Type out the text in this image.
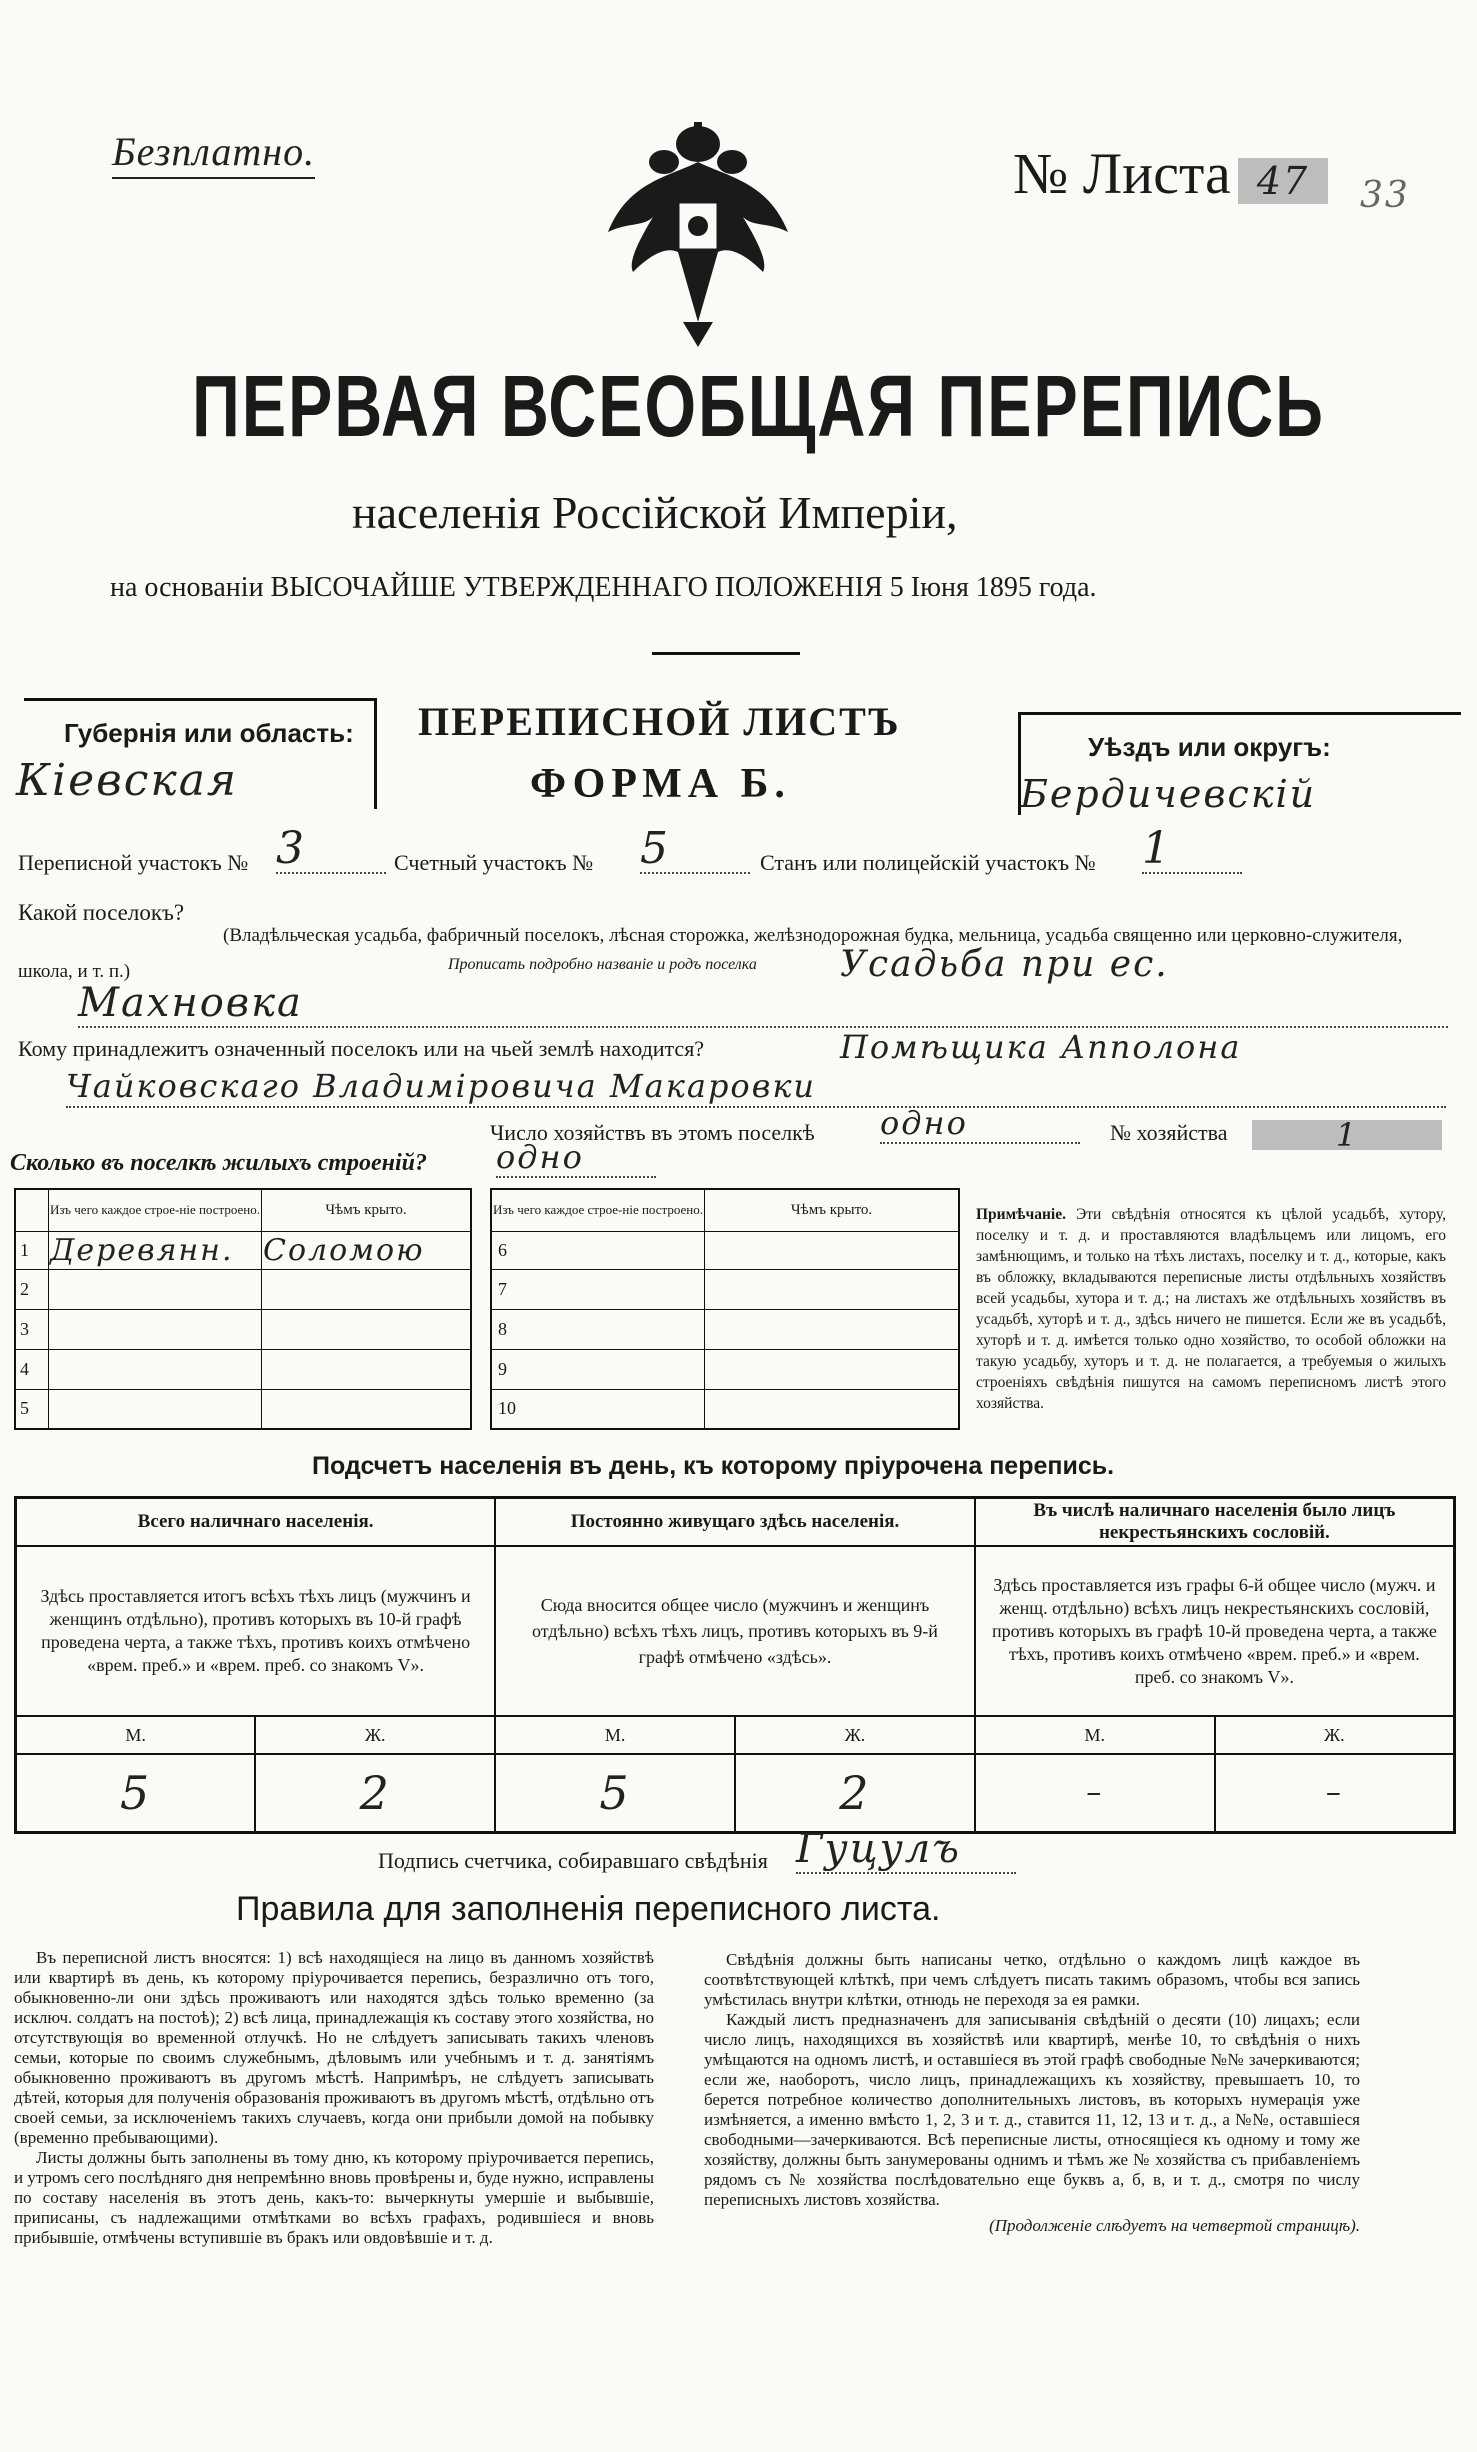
Безплатно.	№ Листа 47	33
ПЕРВАЯ ВСЕОБЩАЯ ПЕРЕПИСЬ
населенія Россійской Имперіи,
на основаніи ВЫСОЧАЙШЕ УТВЕРЖДЕННАГО ПОЛОЖЕНІЯ 5 Іюня 1895 года.
Губернія или область:
Кіевская
ПЕРЕПИСНОЙ ЛИСТЪ
ФОРМА Б.
Уѣздъ или округъ:
Бердичевскій
Переписной участокъ № 3	Счетный участокъ № 5	Станъ или полицейскій участокъ № 1
Какой поселокъ?
(Владѣльческая усадьба, фабричный поселокъ, лѣсная сторожка, желѣзнодорожная будка, мельница, усадьба священно или церковно-служителя, школа, и т. п.)	Прописать подробно названіе и родъ поселка Усадьба при ес.
Махновка
Кому принадлежитъ означенный поселокъ или на чьей землѣ находится?	Помѣщика Апполона
Чайковскаго Владиміровича Макаровки
Число хозяйствъ въ этомъ поселкѣ одно	№ хозяйства	1
Сколько въ поселкѣ жилыхъ строеній? одно
	Изъ чего каждое строе-ніе построено.	Чѣмъ крыто.
1	Деревянн.	Соломою
2		
3		
4		
5		
Изъ чего каждое строе-ніе построено.	Чѣмъ крыто.
6	
7	
8	
9	
10	
Примѣчаніе. Эти свѣдѣнія относятся къ цѣлой усадьбѣ, хутору, поселку и т. д. и проставляются владѣльцемъ или лицомъ, его замѣнющимъ, и только на тѣхъ листахъ, поселку и т. д., которые, какъ въ обложку, вкладываются переписные листы отдѣльныхъ хозяйствъ всей усадьбы, хутора и т. д.; на листахъ же отдѣльныхъ хозяйствъ въ усадьбѣ, хуторѣ и т. д., здѣсь ничего не пишется. Если же въ усадьбѣ, хуторѣ и т. д. имѣется только одно хозяйство, то особой обложки на такую усадьбу, хуторъ и т. д. не полагается, а требуемыя о жилыхъ строеніяхъ свѣдѣнія пишутся на самомъ переписномъ листѣ этого хозяйства.
Подсчетъ населенія въ день, къ которому пріурочена перепись.
Всего наличнаго населенія.		Постоянно живущаго здѣсь населенія.		Въ числѣ наличнаго населенія было лицъ некрестьянскихъ сословій.	
Здѣсь проставляется итогъ всѣхъ тѣхъ лицъ (мужчинъ и женщинъ отдѣльно), противъ которыхъ въ 10-й графѣ проведена черта, а также тѣхъ, противъ коихъ отмѣчено «врем. преб.» и «врем. преб. со знакомъ V».		Сюда вносится общее число (мужчинъ и женщинъ отдѣльно) всѣхъ тѣхъ лицъ, противъ которыхъ въ 9-й графѣ отмѣчено «здѣсь».		Здѣсь проставляется изъ графы 6-й общее число (мужч. и женщ. отдѣльно) всѣхъ лицъ некрестьянскихъ сословій, противъ которыхъ въ графѣ 10-й проведена черта, а также тѣхъ, противъ коихъ отмѣчено «врем. преб.» и «врем. преб. со знакомъ V».	
М.	Ж.	М.	Ж.	М.	Ж.
5	2	5	2	–	–
Подпись счетчика, собиравшаго свѣдѣнія Гуцулъ
Правила для заполненія переписного листа.
Въ переписной листъ вносятся: 1) всѣ находящіеся на лицо въ данномъ хозяйствѣ или квартирѣ въ день, къ которому пріурочивается перепись, безразлично отъ того, обыкновенно-ли они здѣсь проживаютъ или находятся здѣсь только временно (за исключ. солдатъ на постоѣ); 2) всѣ лица, принадлежащія къ составу этого хозяйства, но отсутствующія во временной отлучкѣ. Но не слѣдуетъ записывать такихъ членовъ семьи, которые по своимъ служебнымъ, дѣловымъ или учебнымъ и т. д. занятіямъ обыкновенно проживаютъ въ другомъ мѣстѣ. Напримѣръ, не слѣдуетъ записывать дѣтей, которыя для полученія образованія проживаютъ въ другомъ мѣстѣ, отдѣльно отъ своей семьи, за исключеніемъ такихъ случаевъ, когда они прибыли домой на побывку (временно пребывающими).
Листы должны быть заполнены въ тому дню, къ которому пріурочивается перепись, и утромъ сего послѣдняго дня непремѣнно вновь провѣрены и, буде нужно, исправлены по составу населенія въ этотъ день, какъ-то: вычеркнуты умершіе и выбывшіе, приписаны, съ надлежащими отмѣтками во всѣхъ графахъ, родившіеся и вновь прибывшіе, отмѣчены вступившіе въ бракъ или овдовѣвшіе и т. д.
Свѣдѣнія должны быть написаны четко, отдѣльно о каждомъ лицѣ каждое въ соотвѣтствующей клѣткѣ, при чемъ слѣдуетъ писать такимъ образомъ, чтобы вся запись умѣстилась внутри клѣтки, отнюдь не переходя за ея рамки.
Каждый листъ предназначенъ для записыванія свѣдѣній о десяти (10) лицахъ; если число лицъ, находящихся въ хозяйствѣ или квартирѣ, менѣе 10, то свѣдѣнія о нихъ умѣщаются на одномъ листѣ, и оставшіеся въ этой графѣ свободные №№ зачеркиваются; если же, наоборотъ, число лицъ, принадлежащихъ къ хозяйству, превышаетъ 10, то берется потребное количество дополнительныхъ листовъ, въ которыхъ нумерація уже измѣняется, а именно вмѣсто 1, 2, 3 и т. д., ставится 11, 12, 13 и т. д., а №№, оставшіеся свободными—зачеркиваются. Всѣ переписные листы, относящіеся къ одному и тому же хозяйству, должны быть занумерованы однимъ и тѣмъ же № хозяйства съ прибавленіемъ рядомъ съ № хозяйства послѣдовательно еще буквъ а, б, в, и т. д., смотря по числу переписныхъ листовъ хозяйства.
(Продолженіе слѣдуетъ на четвертой страницѣ).
